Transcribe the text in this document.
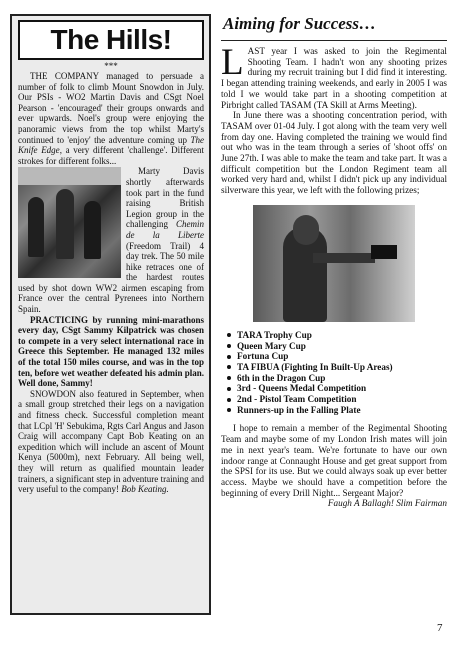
The Hills!
***

THE COMPANY managed to persuade a number of folk to climb Mount Snowdon in July. Our PSIs - WO2 Martin Davis and CSgt Noel Pearson - 'encouraged' their groups onwards and ever upwards. Noel's group were enjoying the panoramic views from the top whilst Marty's continued to 'enjoy' the adventure coming up The Knife Edge, a very different 'challenge'. Different strokes for different folks...

Marty Davis shortly afterwards took part in the fund raising British Legion group in the challenging Chemin de la Liberte (Freedom Trail) 4 day trek. The 50 mile hike retraces one of the hardest routes used by shot down WW2 airmen escaping from France over the central Pyrenees into Northern Spain.

PRACTICING by running mini-marathons every day, CSgt Sammy Kilpatrick was chosen to compete in a very select international race in Greece this September. He managed 132 miles of the total 150 miles course, and was in the top ten, before wet weather defeated his admin plan. Well done, Sammy!

SNOWDON also featured in September, when a small group stretched their legs on a navigation and fitness check. Successful completion meant that LCpl 'H' Sebukima, Rgts Carl Angus and Jason Craig will accompany Capt Bob Keating on an expedition which will include an ascent of Mount Kenya (5000m), next February. All being well, they will return as qualified mountain leader trainers, a significant step in adventure training and very useful to the company! Bob Keating.

Aiming for Success…

LAST year I was asked to join the Regimental Shooting Team. I hadn't won any shooting prizes during my recruit training but I did find it interesting. I began attending training weekends, and early in 2005 I was told I we would take part in a shooting competition at Pirbright called TASAM (TA Skill at Arms Meeting).

In June there was a shooting concentration period, with TASAM over 01-04 July. I got along with the team very well from day one. Having completed the training we would find out who was in the team through a series of 'shoot offs' on June 27th. I was able to make the team and take part. It was a difficult competition but the London Regiment team all worked very hard and, whilst I didn't pick up any individual silverware this year, we left with the following prizes;

TARA Trophy Cup
Queen Mary Cup
Fortuna Cup
TA FIBUA (Fighting In Built-Up Areas)
6th in the Dragon Cup
3rd - Queens Medal Competition
2nd - Pistol Team Competition
Runners-up in the Falling Plate

I hope to remain a member of the Regimental Shooting Team and maybe some of my London Irish mates will join me in next year's team. We're fortunate to have our own indoor range at Connaught House and get great support from the SPSI for its use. But we could always soak up ever better access. Maybe we should have a competition before the beginning of every Drill Night... Sergeant Major?

Faugh A Ballagh! Slim Fairman

7
